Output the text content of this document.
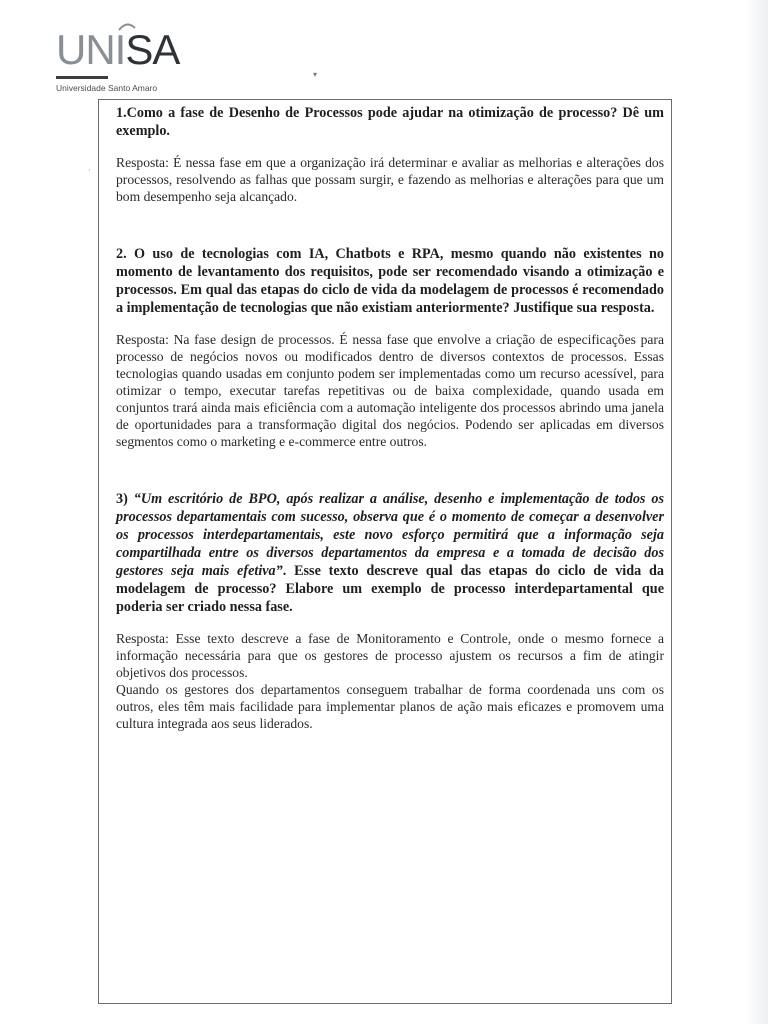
UNISA
Universidade Santo Amaro
▾
·

1.Como a fase de Desenho de Processos pode ajudar na otimização de processo? Dê um exemplo.

Resposta: É nessa fase em que a organização irá determinar e avaliar as melhorias e alterações dos processos, resolvendo as falhas que possam surgir, e fazendo as melhorias e alterações para que um bom desempenho seja alcançado.

2. O uso de tecnologias com IA, Chatbots e RPA, mesmo quando não existentes no momento de levantamento dos requisitos, pode ser recomendado visando a otimização e processos. Em qual das etapas do ciclo de vida da modelagem de processos é recomendado a implementação de tecnologias que não existiam anteriormente? Justifique sua resposta.

Resposta: Na fase design de processos. É nessa fase que envolve a criação de especificações para processo de negócios novos ou modificados dentro de diversos contextos de processos. Essas tecnologias quando usadas em conjunto podem ser implementadas como um recurso acessível, para otimizar o tempo, executar tarefas repetitivas ou de baixa complexidade, quando usada em conjuntos trará ainda mais eficiência com a automação inteligente dos processos abrindo uma janela de oportunidades para a transformação digital dos negócios. Podendo ser aplicadas em diversos segmentos como o marketing e e-commerce entre outros.

3) “Um escritório de BPO, após realizar a análise, desenho e implementação de todos os processos departamentais com sucesso, observa que é o momento de começar a desenvolver os processos interdepartamentais, este novo esforço permitirá que a informação seja compartilhada entre os diversos departamentos da empresa e a tomada de decisão dos gestores seja mais efetiva”. Esse texto descreve qual das etapas do ciclo de vida da modelagem de processo? Elabore um exemplo de processo interdepartamental que poderia ser criado nessa fase.

Resposta: Esse texto descreve a fase de Monitoramento e Controle, onde o mesmo fornece a informação necessária para que os gestores de processo ajustem os recursos a fim de atingir objetivos dos processos.

Quando os gestores dos departamentos conseguem trabalhar de forma coordenada uns com os outros, eles têm mais facilidade para implementar planos de ação mais eficazes e promovem uma cultura integrada aos seus liderados.
